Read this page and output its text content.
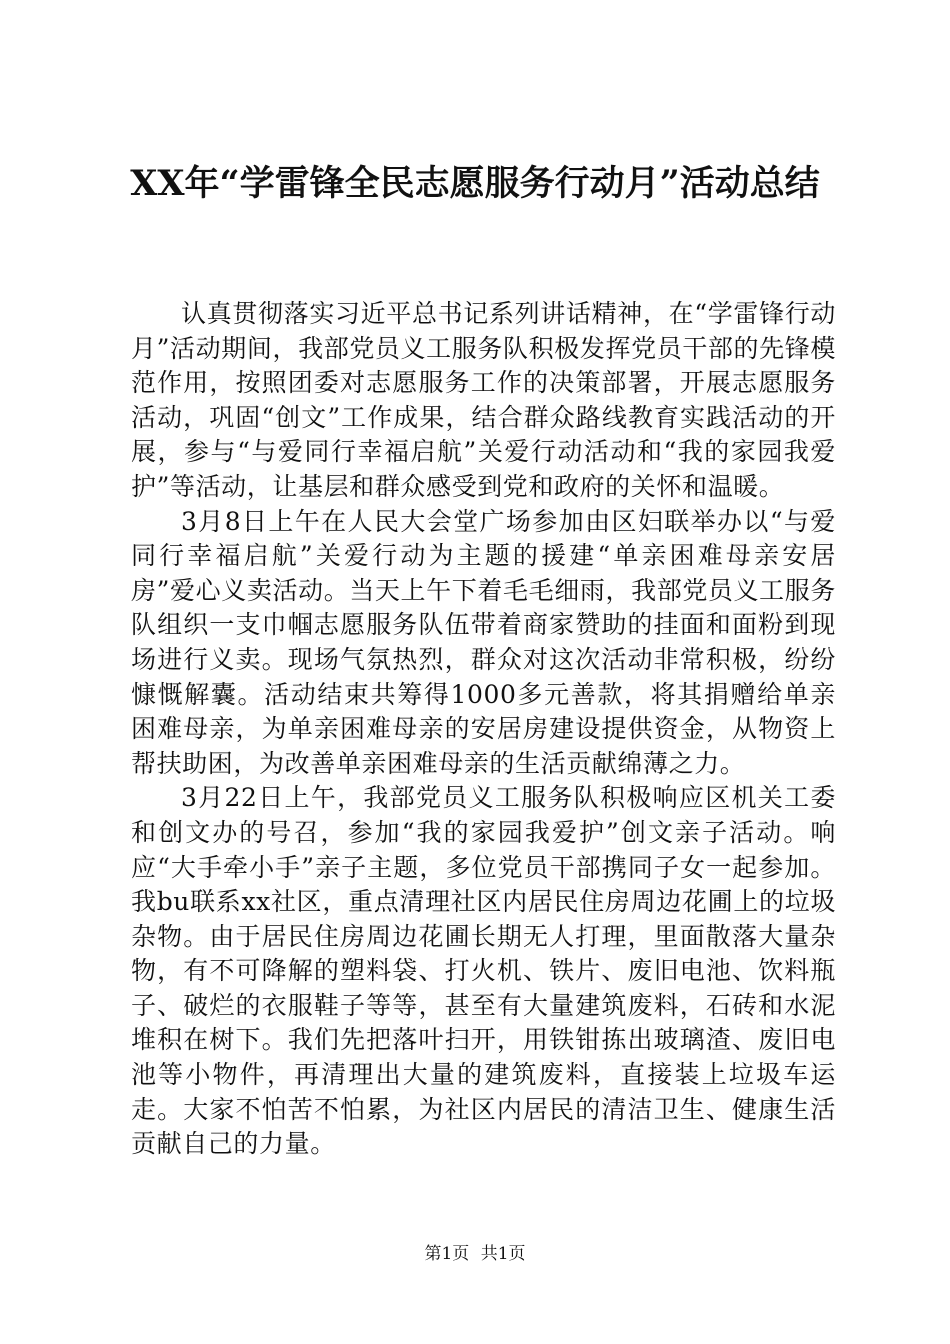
XX年“学雷锋全民志愿服务行动月”活动总结

认真贯彻落实习近平总书记系列讲话精神，在“学雷锋行动月”活动期间，我部党员义工服务队积极发挥党员干部的先锋模范作用，按照团委对志愿服务工作的决策部署，开展志愿服务活动，巩固“创文”工作成果，结合群众路线教育实践活动的开展，参与“与爱同行幸福启航”关爱行动活动和“我的家园我爱护”等活动，让基层和群众感受到党和政府的关怀和温暖。

3月8日上午在人民大会堂广场参加由区妇联举办以“与爱同行幸福启航”关爱行动为主题的援建“单亲困难母亲安居房”爱心义卖活动。当天上午下着毛毛细雨，我部党员义工服务队组织一支巾帼志愿服务队伍带着商家赞助的挂面和面粉到现场进行义卖。现场气氛热烈，群众对这次活动非常积极，纷纷慷慨解囊。活动结束共筹得1000多元善款，将其捐赠给单亲困难母亲，为单亲困难母亲的安居房建设提供资金，从物资上帮扶助困，为改善单亲困难母亲的生活贡献绵薄之力。

3月22日上午，我部党员义工服务队积极响应区机关工委和创文办的号召，参加“我的家园我爱护”创文亲子活动。响应“大手牵小手”亲子主题，多位党员干部携同子女一起参加。我bu联系xx社区，重点清理社区内居民住房周边花圃上的垃圾杂物。由于居民住房周边花圃长期无人打理，里面散落大量杂物，有不可降解的塑料袋、打火机、铁片、废旧电池、饮料瓶子、破烂的衣服鞋子等等，甚至有大量建筑废料，石砖和水泥堆积在树下。我们先把落叶扫开，用铁钳拣出玻璃渣、废旧电池等小物件，再清理出大量的建筑废料，直接装上垃圾车运走。大家不怕苦不怕累，为社区内居民的清洁卫生、健康生活贡献自己的力量。

第1页 共1页
